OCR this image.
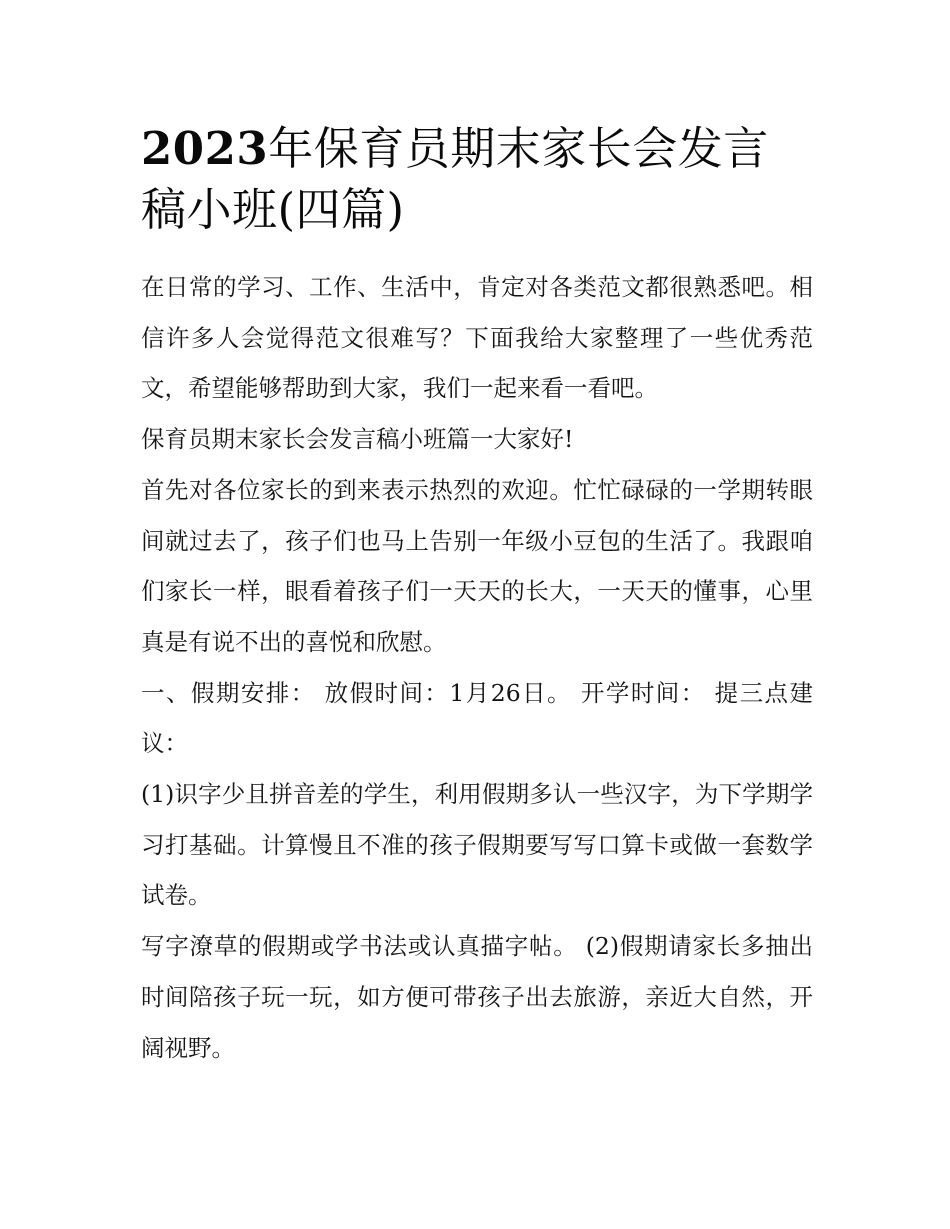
2023年保育员期末家长会发言稿小班(四篇)

在日常的学习、工作、生活中，肯定对各类范文都很熟悉吧。相信许多人会觉得范文很难写？下面我给大家整理了一些优秀范文，希望能够帮助到大家，我们一起来看一看吧。

保育员期末家长会发言稿小班篇一大家好!

首先对各位家长的到来表示热烈的欢迎。忙忙碌碌的一学期转眼间就过去了，孩子们也马上告别一年级小豆包的生活了。我跟咱们家长一样，眼看着孩子们一天天的长大，一天天的懂事，心里真是有说不出的喜悦和欣慰。

一、假期安排： 放假时间：1月26日。 开学时间： 提三点建议：

(1)识字少且拼音差的学生，利用假期多认一些汉字，为下学期学习打基础。计算慢且不准的孩子假期要写写口算卡或做一套数学试卷。

写字潦草的假期或学书法或认真描字帖。 (2)假期请家长多抽出时间陪孩子玩一玩，如方便可带孩子出去旅游，亲近大自然，开阔视野。
